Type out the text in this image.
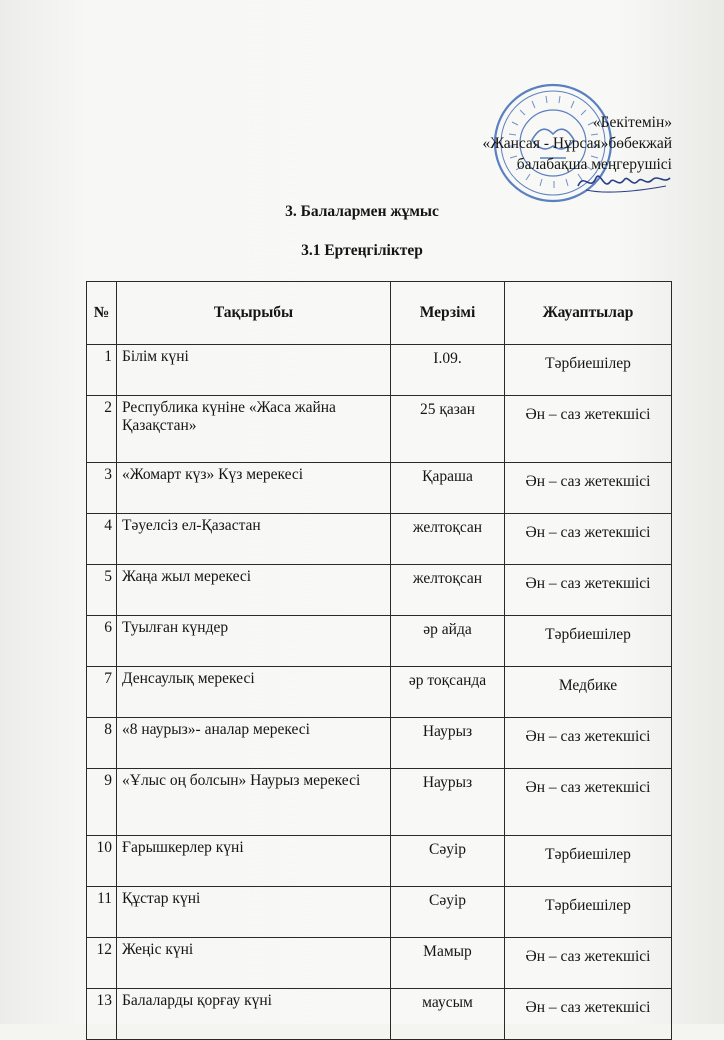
«Бекітемін»
«Жансая - Нұрсая»бөбекжай
балабақша меңгерушісі
3. Балалармен жұмыс
3.1 Ертеңгіліктер
№	Тақырыбы	Мерзімі	Жауаптылар
1	Білім күні	I.09.	Тәрбиешілер
2	Республика күніне «Жаса жайна Қазақстан»	25 қазан	Ән – саз жетекшісі
3	«Жомарт күз» Күз мерекесі	Қараша	Ән – саз жетекшісі
4	Тәуелсіз ел-Қазастан	желтоқсан	Ән – саз жетекшісі
5	Жаңа жыл мерекесі	желтоқсан	Ән – саз жетекшісі
6	Туылған күндер	әр айда	Тәрбиешілер
7	Денсаулық мерекесі	әр тоқсанда	Медбике
8	«8 наурыз»- аналар мерекесі	Наурыз	Ән – саз жетекшісі
9	«Ұлыс оң болсын» Наурыз мерекесі	Наурыз	Ән – саз жетекшісі
10	Ғарышкерлер күні	Сәуір	Тәрбиешілер
11	Құстар күні	Сәуір	Тәрбиешілер
12	Жеңіс күні	Мамыр	Ән – саз жетекшісі
13	Балаларды қорғау күні	маусым	Ән – саз жетекшісі
